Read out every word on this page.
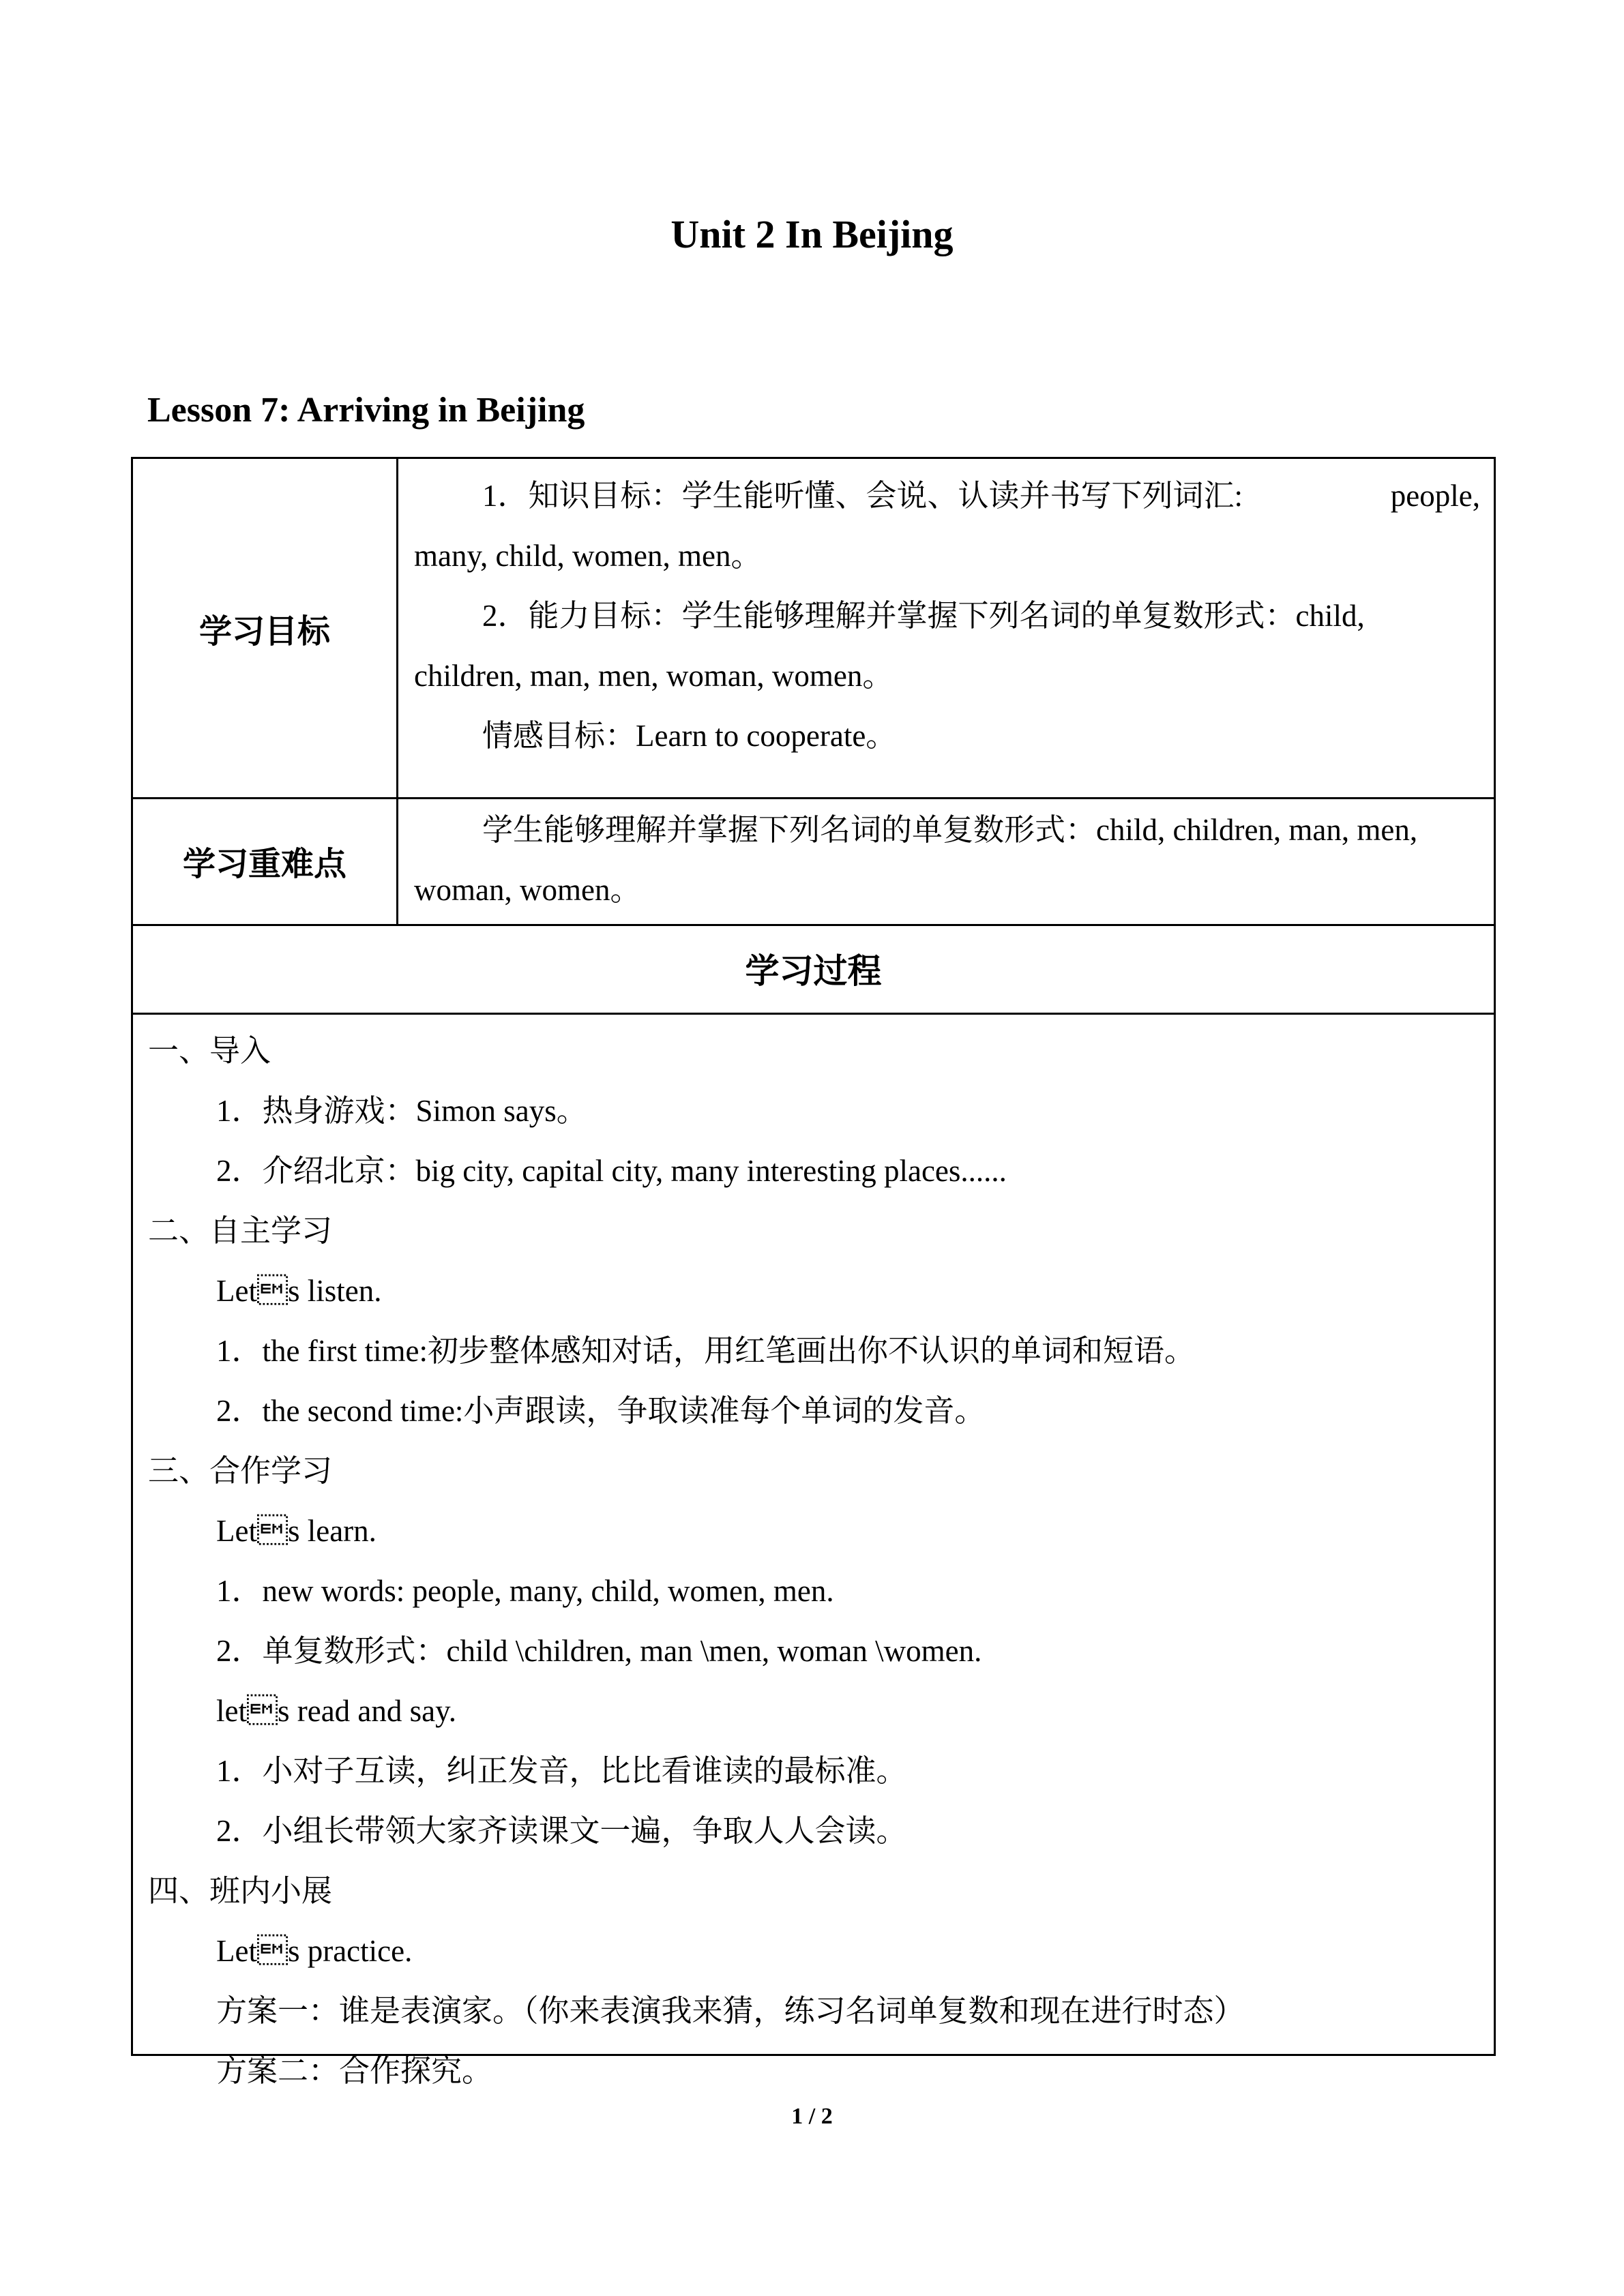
Unit 2 In Beijing
Lesson 7: Arriving in Beijing
学习目标
1．知识目标：学生能听懂、会说、认读并书写下列词汇:	people,
many, child, women, men。
2．能力目标：学生能够理解并掌握下列名词的单复数形式：child,
children, man, men, woman, women。
情感目标：Learn to cooperate。
学习重难点
学生能够理解并掌握下列名词的单复数形式：child, children, man, men,
woman, women。
学习过程
一、导入
1．热身游戏：Simon says。
2．介绍北京：big city, capital city, many interesting places......
二、自主学习
Lets listen.
1．the first time:初步整体感知对话，用红笔画出你不认识的单词和短语。
2．the second time:小声跟读，争取读准每个单词的发音。
三、合作学习
Lets learn.
1．new words: people, many, child, women, men.
2．单复数形式：child \children, man \men, woman \women.
lets read and say.
1．小对子互读，纠正发音，比比看谁读的最标准。
2．小组长带领大家齐读课文一遍，争取人人会读。
四、班内小展
Lets practice.
方案一：谁是表演家。（你来表演我来猜，练习名词单复数和现在进行时态）
方案二：合作探究。
1 / 2
